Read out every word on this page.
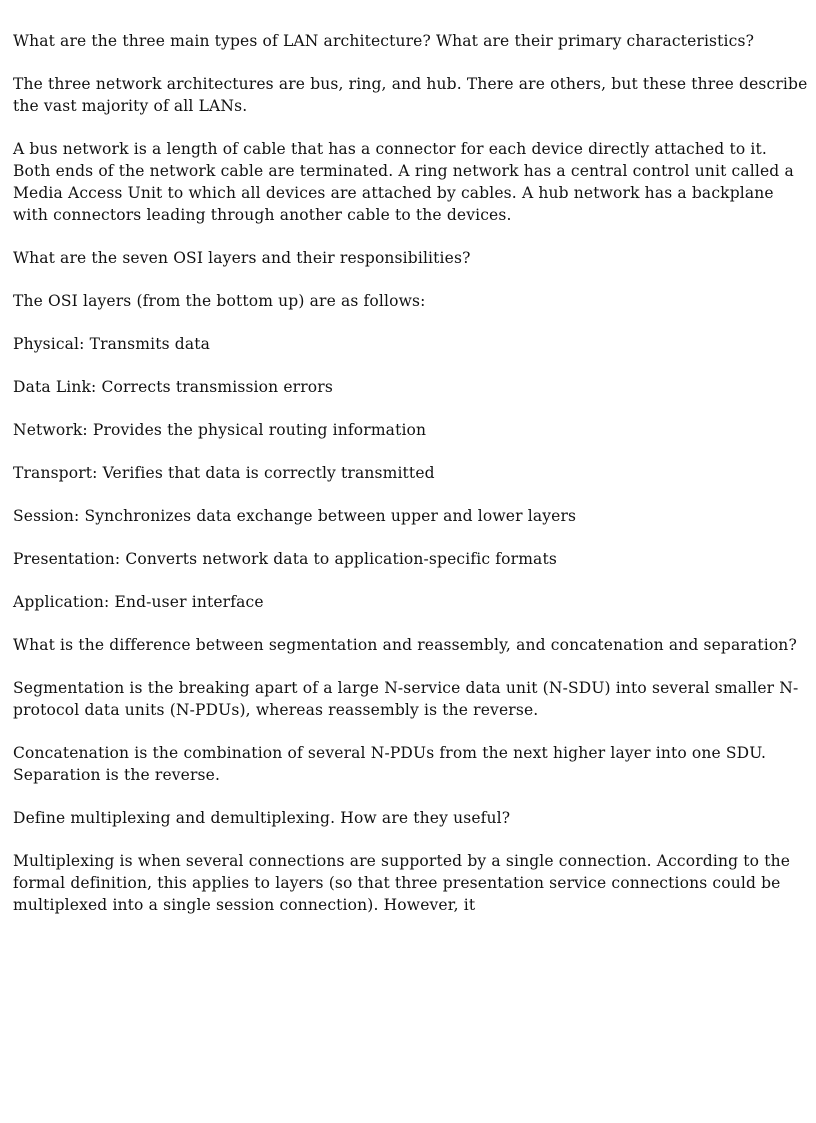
What are the three main types of LAN architecture? What are their primary characteristics?

The three network architectures are bus, ring, and hub. There are others, but these three describe the vast majority of all LANs.

A bus network is a length of cable that has a connector for each device directly attached to it. Both ends of the network cable are terminated. A ring network has a central control unit called a Media Access Unit to which all devices are attached by cables. A hub network has a backplane with connectors leading through another cable to the devices.

What are the seven OSI layers and their responsibilities?

The OSI layers (from the bottom up) are as follows:

Physical: Transmits data

Data Link: Corrects transmission errors

Network: Provides the physical routing information

Transport: Verifies that data is correctly transmitted

Session: Synchronizes data exchange between upper and lower layers

Presentation: Converts network data to application-specific formats

Application: End-user interface

What is the difference between segmentation and reassembly, and concatenation and separation?

Segmentation is the breaking apart of a large N-service data unit (N-SDU) into several smaller N-protocol data units (N-PDUs), whereas reassembly is the reverse.

Concatenation is the combination of several N-PDUs from the next higher layer into one SDU. Separation is the reverse.

Define multiplexing and demultiplexing. How are they useful?

Multiplexing is when several connections are supported by a single connection. According to the formal definition, this applies to layers (so that three presentation service connections could be multiplexed into a single session connection). However, it
